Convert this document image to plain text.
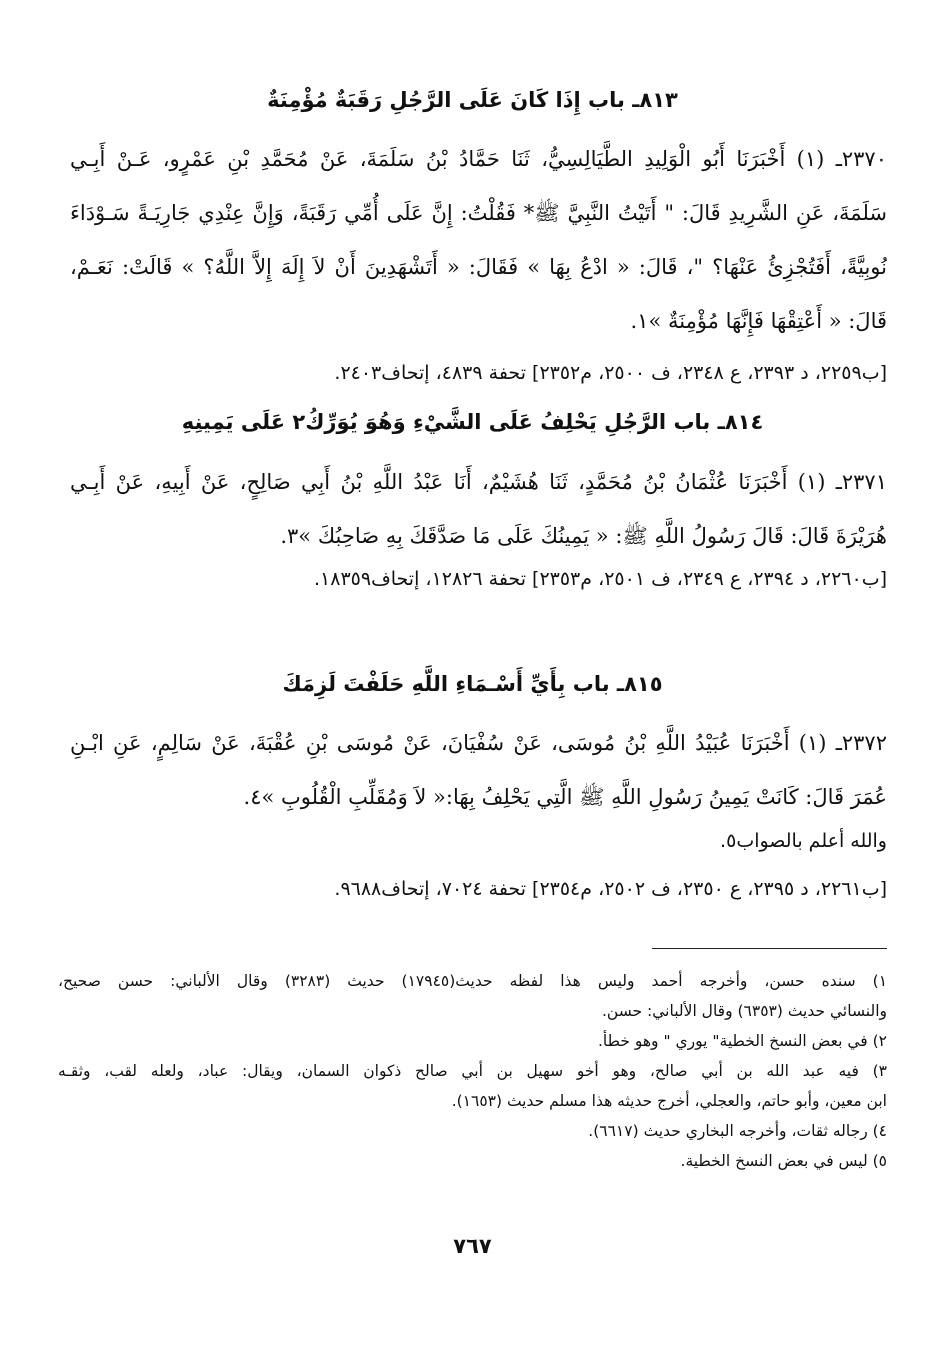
٨١٣ـ باب إِذَا كَانَ عَلَى الرَّجُلِ رَقَبَةٌ مُؤْمِنَةٌ
٢٣٧٠ـ (١) أَخْبَرَنَا أَبُو الْوَلِيدِ الطَّيَالِسِيُّ، ثَنَا حَمَّادُ بْنُ سَلَمَةَ، عَنْ مُحَمَّدِ بْنِ عَمْرٍو، عَـنْ أَبِـي
سَلَمَةَ، عَنِ الشَّرِيدِ قَالَ: " أَتَيْتُ النَّبِيَّ ﷺ* فَقُلْتُ: إِنَّ عَلَى أُمِّي رَقَبَةً، وَإِنَّ عِنْدِي جَارِيَـةً سَـوْدَاءَ
نُوبِيَّةً، أَفَتُجْزِئُ عَنْهَا؟ "، قَالَ: « ادْعُ بِهَا » فَقَالَ: « أَتَشْهَدِينَ أَنْ لاَ إِلَهَ إِلاَّ اللَّهُ؟ » قَالَتْ: نَعَـمْ،
قَالَ: « أَعْتِقْهَا فَإِنَّهَا مُؤْمِنَةٌ »١.
[ب٢٢٥٩، د ٢٣٩٣، ع ٢٣٤٨، ف ٢٥٠٠، م٢٣٥٢] تحفة ٤٨٣٩، إتحاف٢٤٠٣.
٨١٤ـ باب الرَّجُلِ يَحْلِفُ عَلَى الشَّيْءِ وَهُوَ يُوَرِّكُ٢ عَلَى يَمِينِهِ
٢٣٧١ـ (١) أَخْبَرَنَا عُثْمَانُ بْنُ مُحَمَّدٍ، ثَنَا هُشَيْمٌ، أَنَا عَبْدُ اللَّهِ بْنُ أَبِي صَالِحٍ، عَنْ أَبِيهِ، عَنْ أَبِـي
هُرَيْرَةَ قَالَ: قَالَ رَسُولُ اللَّهِ ﷺ: « يَمِينُكَ عَلَى مَا صَدَّقَكَ بِهِ صَاحِبُكَ »٣.
[ب٢٢٦٠، د ٢٣٩٤، ع ٢٣٤٩، ف ٢٥٠١، م٢٣٥٣] تحفة ١٢٨٢٦، إتحاف١٨٣٥٩.
٨١٥ـ باب بِأَيِّ أَسْـمَاءِ اللَّهِ حَلَفْتَ لَزِمَكَ
٢٣٧٢ـ (١) أَخْبَرَنَا عُبَيْدُ اللَّهِ بْنُ مُوسَى، عَنْ سُفْيَانَ، عَنْ مُوسَى بْنِ عُقْبَةَ، عَنْ سَالِمٍ، عَنِ ابْـنِ
عُمَرَ قَالَ: كَانَتْ يَمِينُ رَسُولِ اللَّهِ ﷺ الَّتِي يَحْلِفُ بِهَا:« لاَ وَمُقَلِّبِ الْقُلُوبِ »٤.
والله أعلم بالصواب٥.
[ب٢٢٦١، د ٢٣٩٥، ع ٢٣٥٠، ف ٢٥٠٢، م٢٣٥٤] تحفة ٧٠٢٤، إتحاف٩٦٨٨.
١) سنده حسن، وأخرجه أحمد وليس هذا لفظه حديث(١٧٩٤٥) حديث (٣٢٨٣) وقال الألباني: حسن صحيح،
والنسائي حديث (٦٣٥٣) وقال الألباني: حسن.
٢) في بعض النسخ الخطية" يوري " وهو خطأ.
٣) فيه عبد الله بن أبي صالح، وهو أخو سهيل بن أبي صالح ذكوان السمان، ويقال: عباد، ولعله لقب، وثقـه
ابن معين، وأبو حاتم، والعجلي، أخرج حديثه هذا مسلم حديث (١٦٥٣).
٤) رجاله ثقات، وأخرجه البخاري حديث (٦٦١٧).
٥) ليس في بعض النسخ الخطية.
٧٦٧
